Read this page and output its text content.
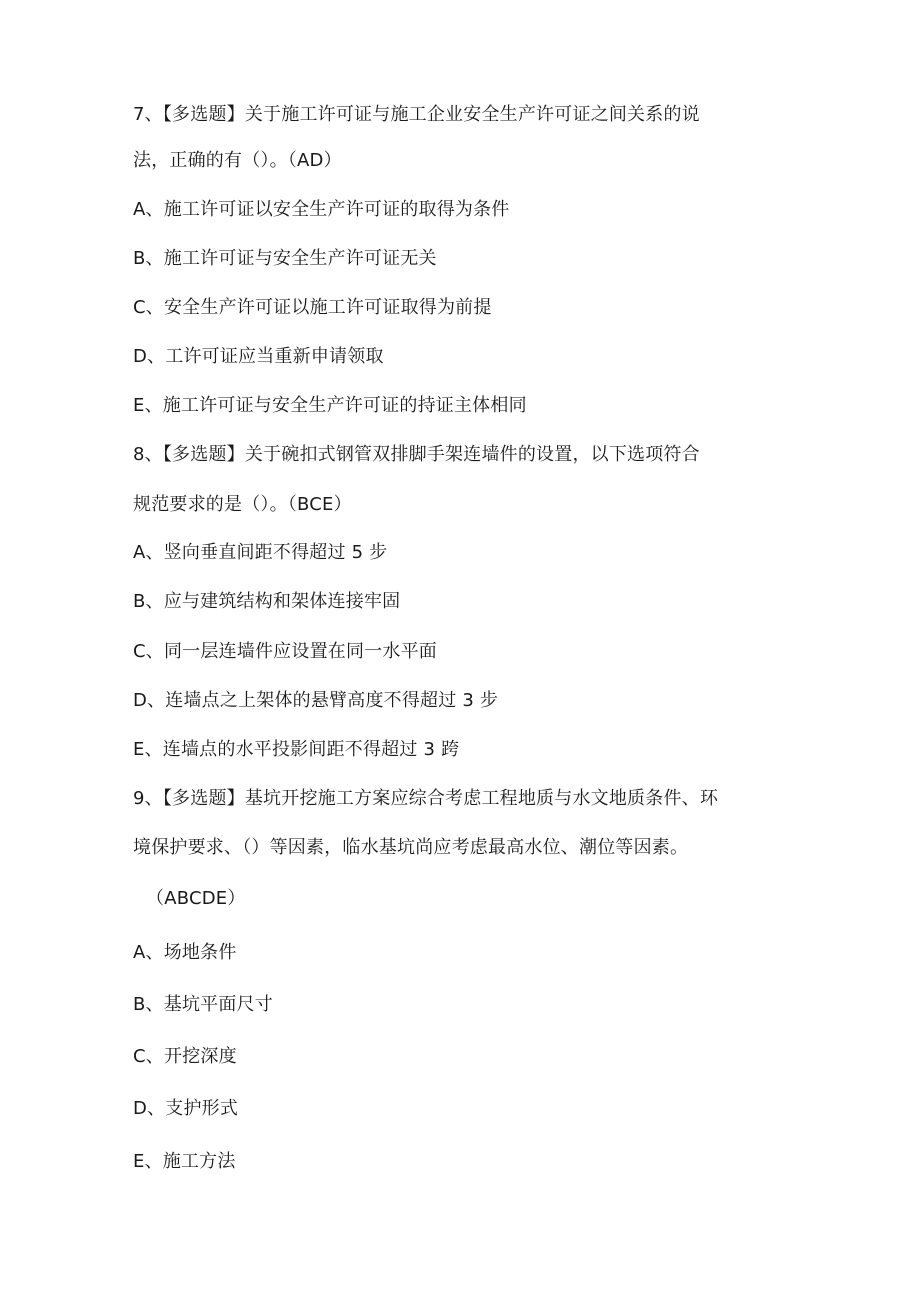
7、【多选题】关于施工许可证与施工企业安全生产许可证之间关系的说
法，正确的有（）。（AD）
A、施工许可证以安全生产许可证的取得为条件
B、施工许可证与安全生产许可证无关
C、安全生产许可证以施工许可证取得为前提
D、工许可证应当重新申请领取
E、施工许可证与安全生产许可证的持证主体相同
8、【多选题】关于碗扣式钢管双排脚手架连墙件的设置，以下选项符合
规范要求的是（）。（BCE）
A、竖向垂直间距不得超过 5 步
B、应与建筑结构和架体连接牢固
C、同一层连墙件应设置在同一水平面
D、连墙点之上架体的悬臂高度不得超过 3 步
E、连墙点的水平投影间距不得超过 3 跨
9、【多选题】基坑开挖施工方案应综合考虑工程地质与水文地质条件、环
境保护要求、（）等因素，临水基坑尚应考虑最高水位、潮位等因素。
（ABCDE）
A、场地条件
B、基坑平面尺寸
C、开挖深度
D、支护形式
E、施工方法
